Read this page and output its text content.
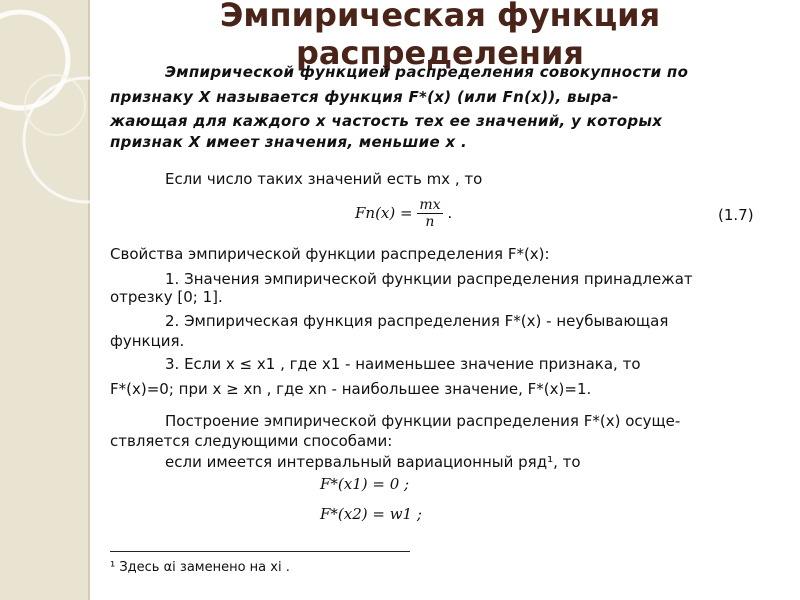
Эмпирическая функция
распределения
Эмпирической функцией распределения совокупности по
признаку X называется функция F*(x) (или Fn(x)), выра-
жающая для каждого x частость тех ее значений, у которых
признак X имеет значения, меньшие x .
Если число таких значений есть mx , то
$Fn(x) = \frac{mx}{n}$ .	(1.7)
Свойства эмпирической функции распределения F*(x):
1. Значения эмпирической функции распределения принадлежат
отрезку [0; 1].
2. Эмпирическая функция распределения F*(x) - неубывающая
функция.
3. Если x ≤ x1 , где x1 - наименьшее значение признака, то
F*(x)=0; при x ≥ xn , где xn - наибольшее значение, F*(x)=1.
Построение эмпирической функции распределения F*(x) осуще-
ствляется следующими способами:
если имеется интервальный вариационный ряд¹, то
F*(x1) = 0 ;
F*(x2) = w1 ;
¹ Здесь αi заменено на xi .
